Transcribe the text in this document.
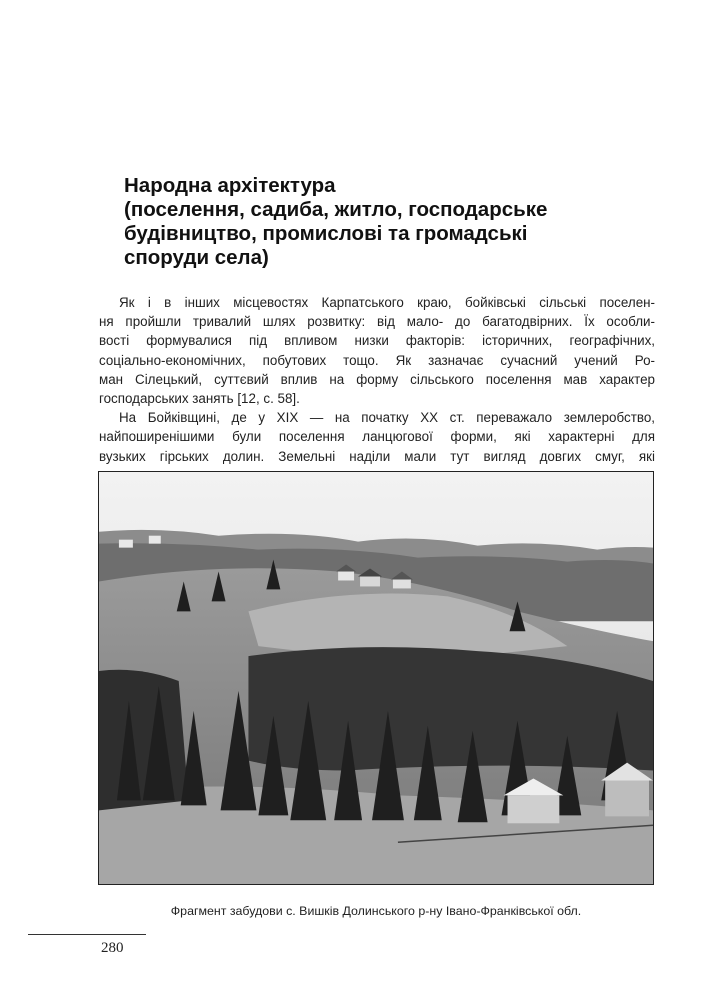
Народна архітектура
(поселення, садиба, житло, господарське
будівництво, промислові та громадські
споруди села)
Як і в інших місцевостях Карпатського краю, бойківські сільські поселен-
ня пройшли тривалий шлях розвитку: від мало- до багатодвірних. Їх особли-
вості формувалися під впливом низки факторів: історичних, географічних,
соціально-економічних, побутових тощо. Як зазначає сучасний учений Ро-
ман Сілецький, суттєвий вплив на форму сільського поселення мав характер
господарських занять [12, с. 58].
На Бойківщині, де у XIX — на початку XX ст. переважало землеробство,
найпоширенішими були поселення ланцюгової форми, які характерні для
вузьких гірських долин. Земельні наділи мали тут вигляд довгих смуг, які
Фрагмент забудови с. Вишків Долинського р-ну Івано-Франківської обл.
280
